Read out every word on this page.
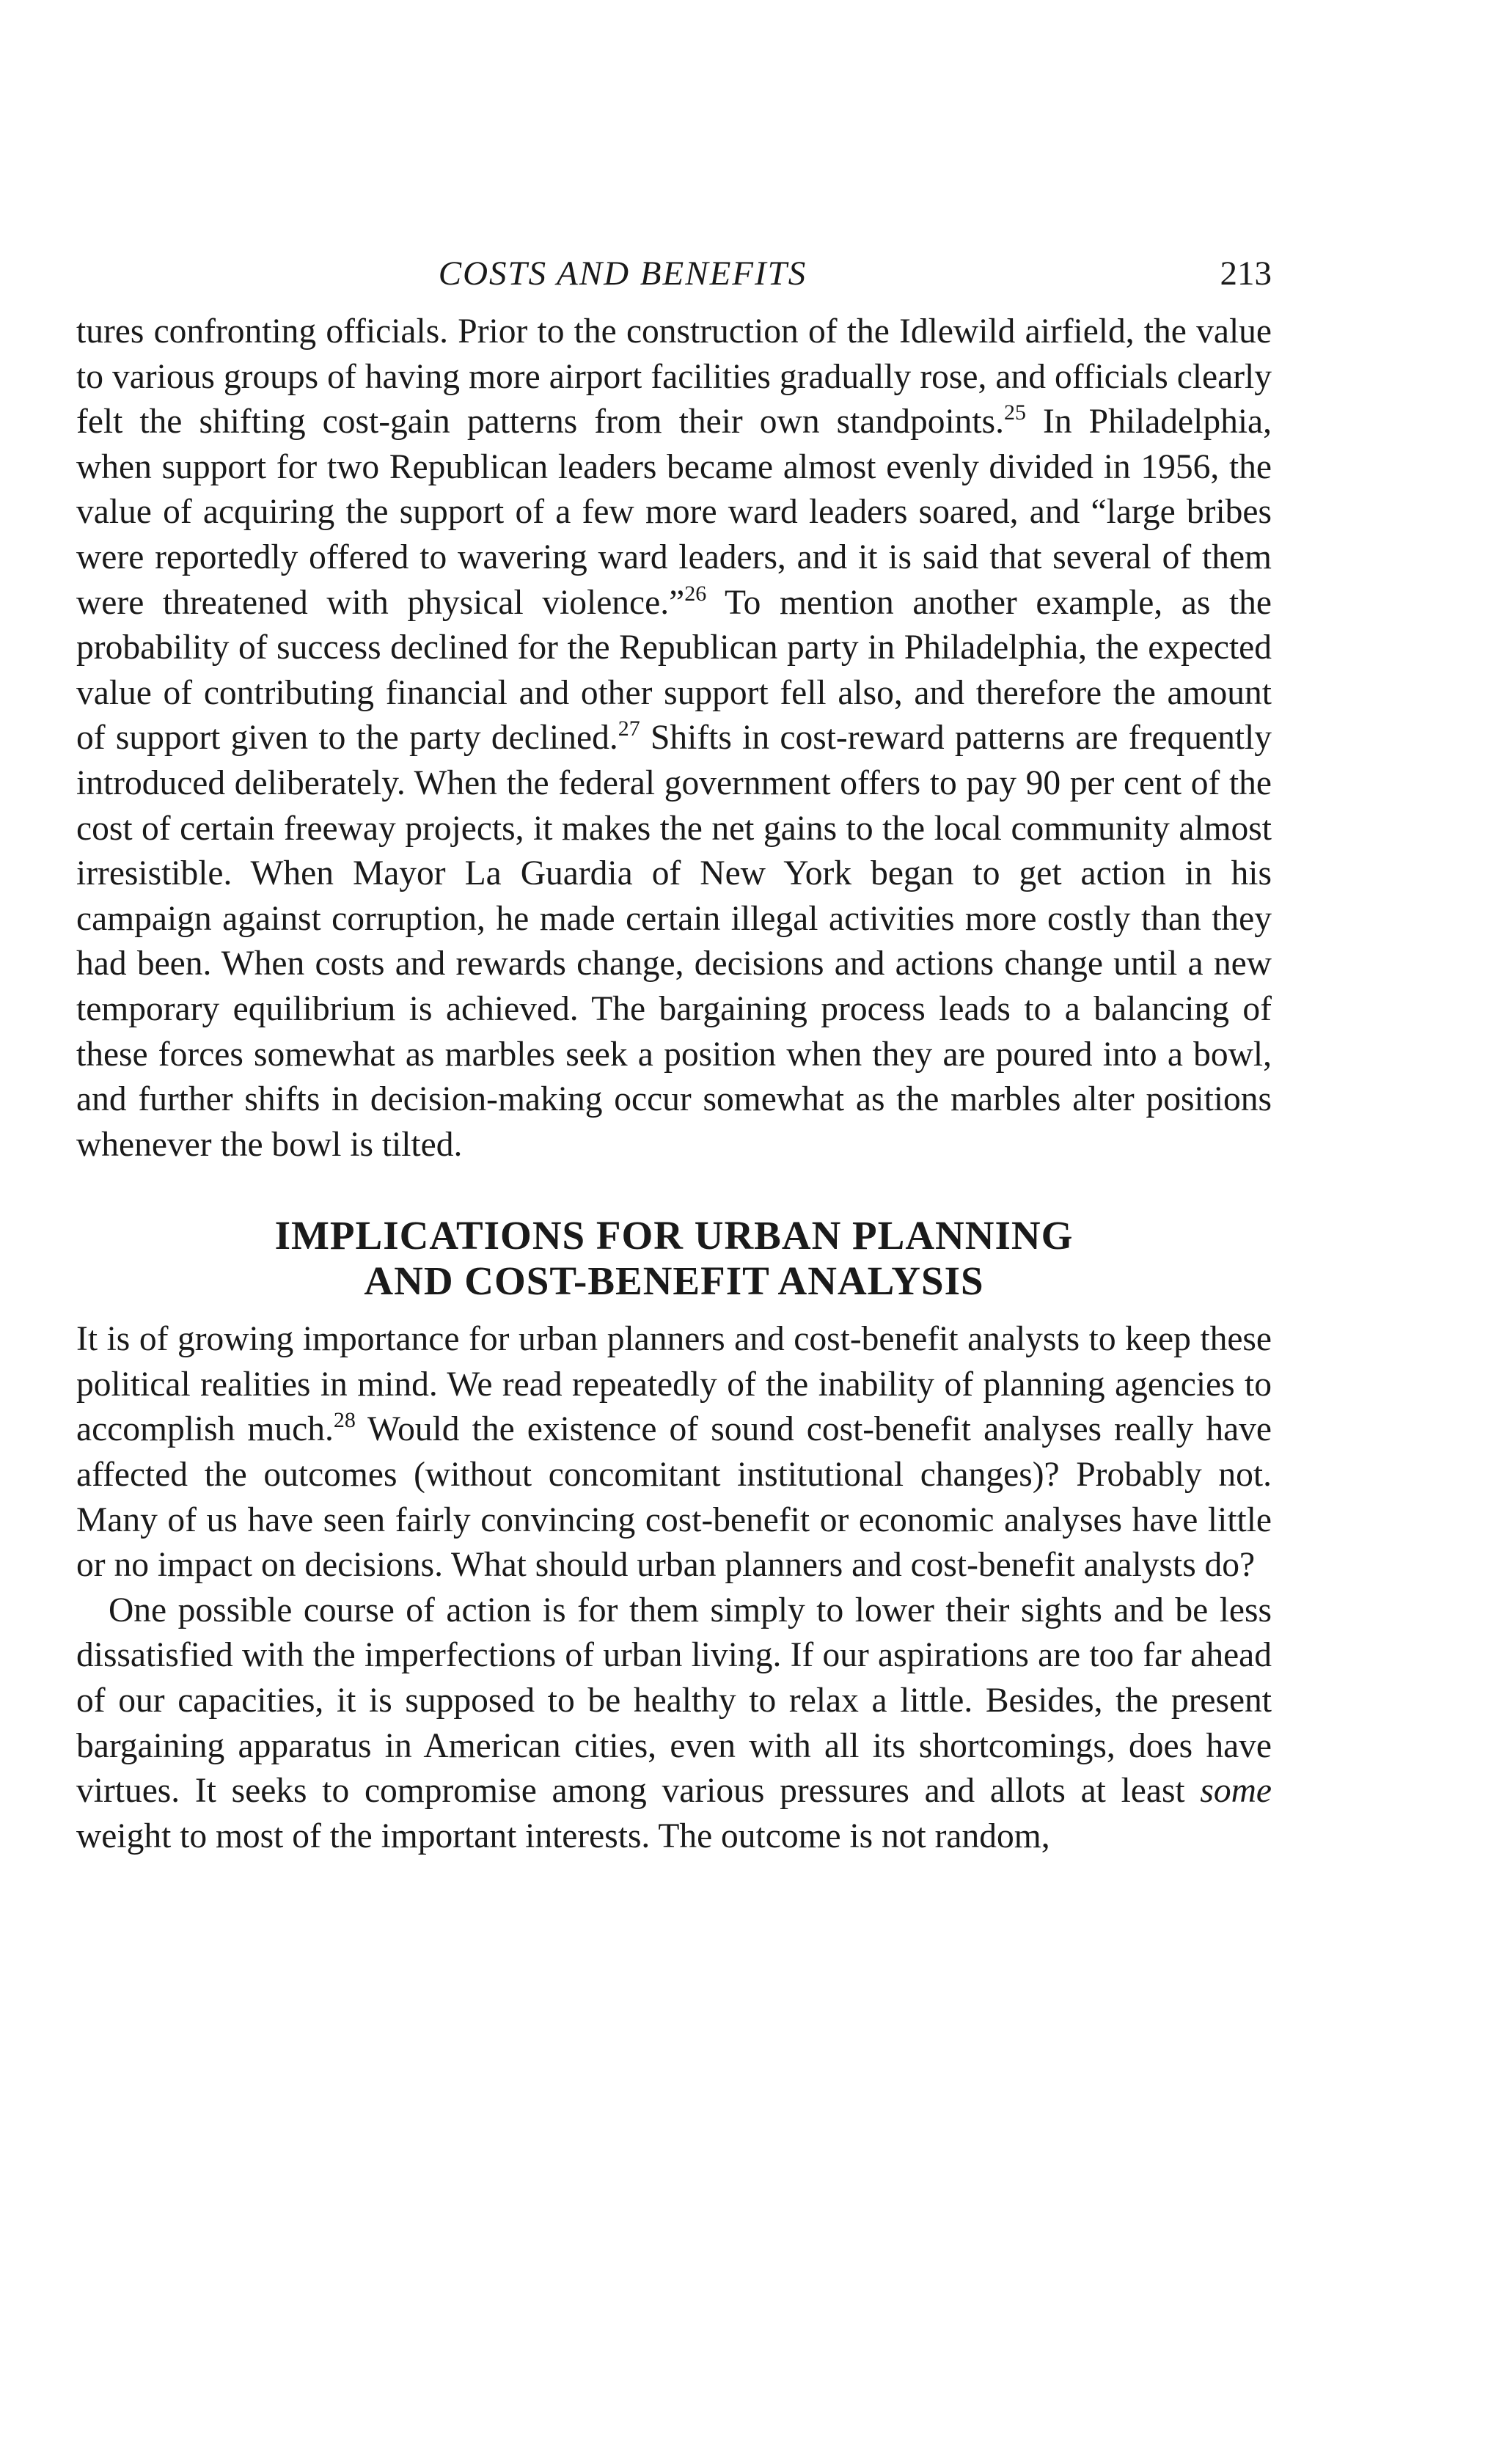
COSTS AND BENEFITS	213

tures confronting officials. Prior to the construction of the Idlewild airfield, the value to various groups of having more airport facilities gradually rose, and officials clearly felt the shifting cost-gain patterns from their own standpoints.$^{25}$ In Philadelphia, when support for two Republican leaders became almost evenly divided in 1956, the value of acquiring the support of a few more ward leaders soared, and “large bribes were reportedly offered to wavering ward leaders, and it is said that several of them were threatened with physical violence.”$^{26}$ To mention another example, as the probability of success declined for the Republican party in Philadelphia, the expected value of contributing financial and other support fell also, and therefore the amount of support given to the party declined.$^{27}$ Shifts in cost-reward patterns are frequently introduced deliberately. When the federal government offers to pay 90 per cent of the cost of certain freeway projects, it makes the net gains to the local community almost irresistible. When Mayor La Guardia of New York began to get action in his campaign against corruption, he made certain illegal activities more costly than they had been. When costs and rewards change, decisions and actions change until a new temporary equilibrium is achieved. The bargaining process leads to a balancing of these forces somewhat as marbles seek a position when they are poured into a bowl, and further shifts in decision-making occur somewhat as the marbles alter positions whenever the bowl is tilted.

IMPLICATIONS FOR URBAN PLANNING
AND COST-BENEFIT ANALYSIS

It is of growing importance for urban planners and cost-benefit analysts to keep these political realities in mind. We read repeatedly of the inability of planning agencies to accomplish much.$^{28}$ Would the existence of sound cost-benefit analyses really have affected the outcomes (without concomitant institutional changes)? Probably not. Many of us have seen fairly convincing cost-benefit or economic analyses have little or no impact on decisions. What should urban planners and cost-benefit analysts do?

One possible course of action is for them simply to lower their sights and be less dissatisfied with the imperfections of urban living. If our aspirations are too far ahead of our capacities, it is supposed to be healthy to relax a little. Besides, the present bargaining apparatus in American cities, even with all its shortcomings, does have virtues. It seeks to compromise among various pressures and allots at least some weight to most of the important interests. The outcome is not random,
